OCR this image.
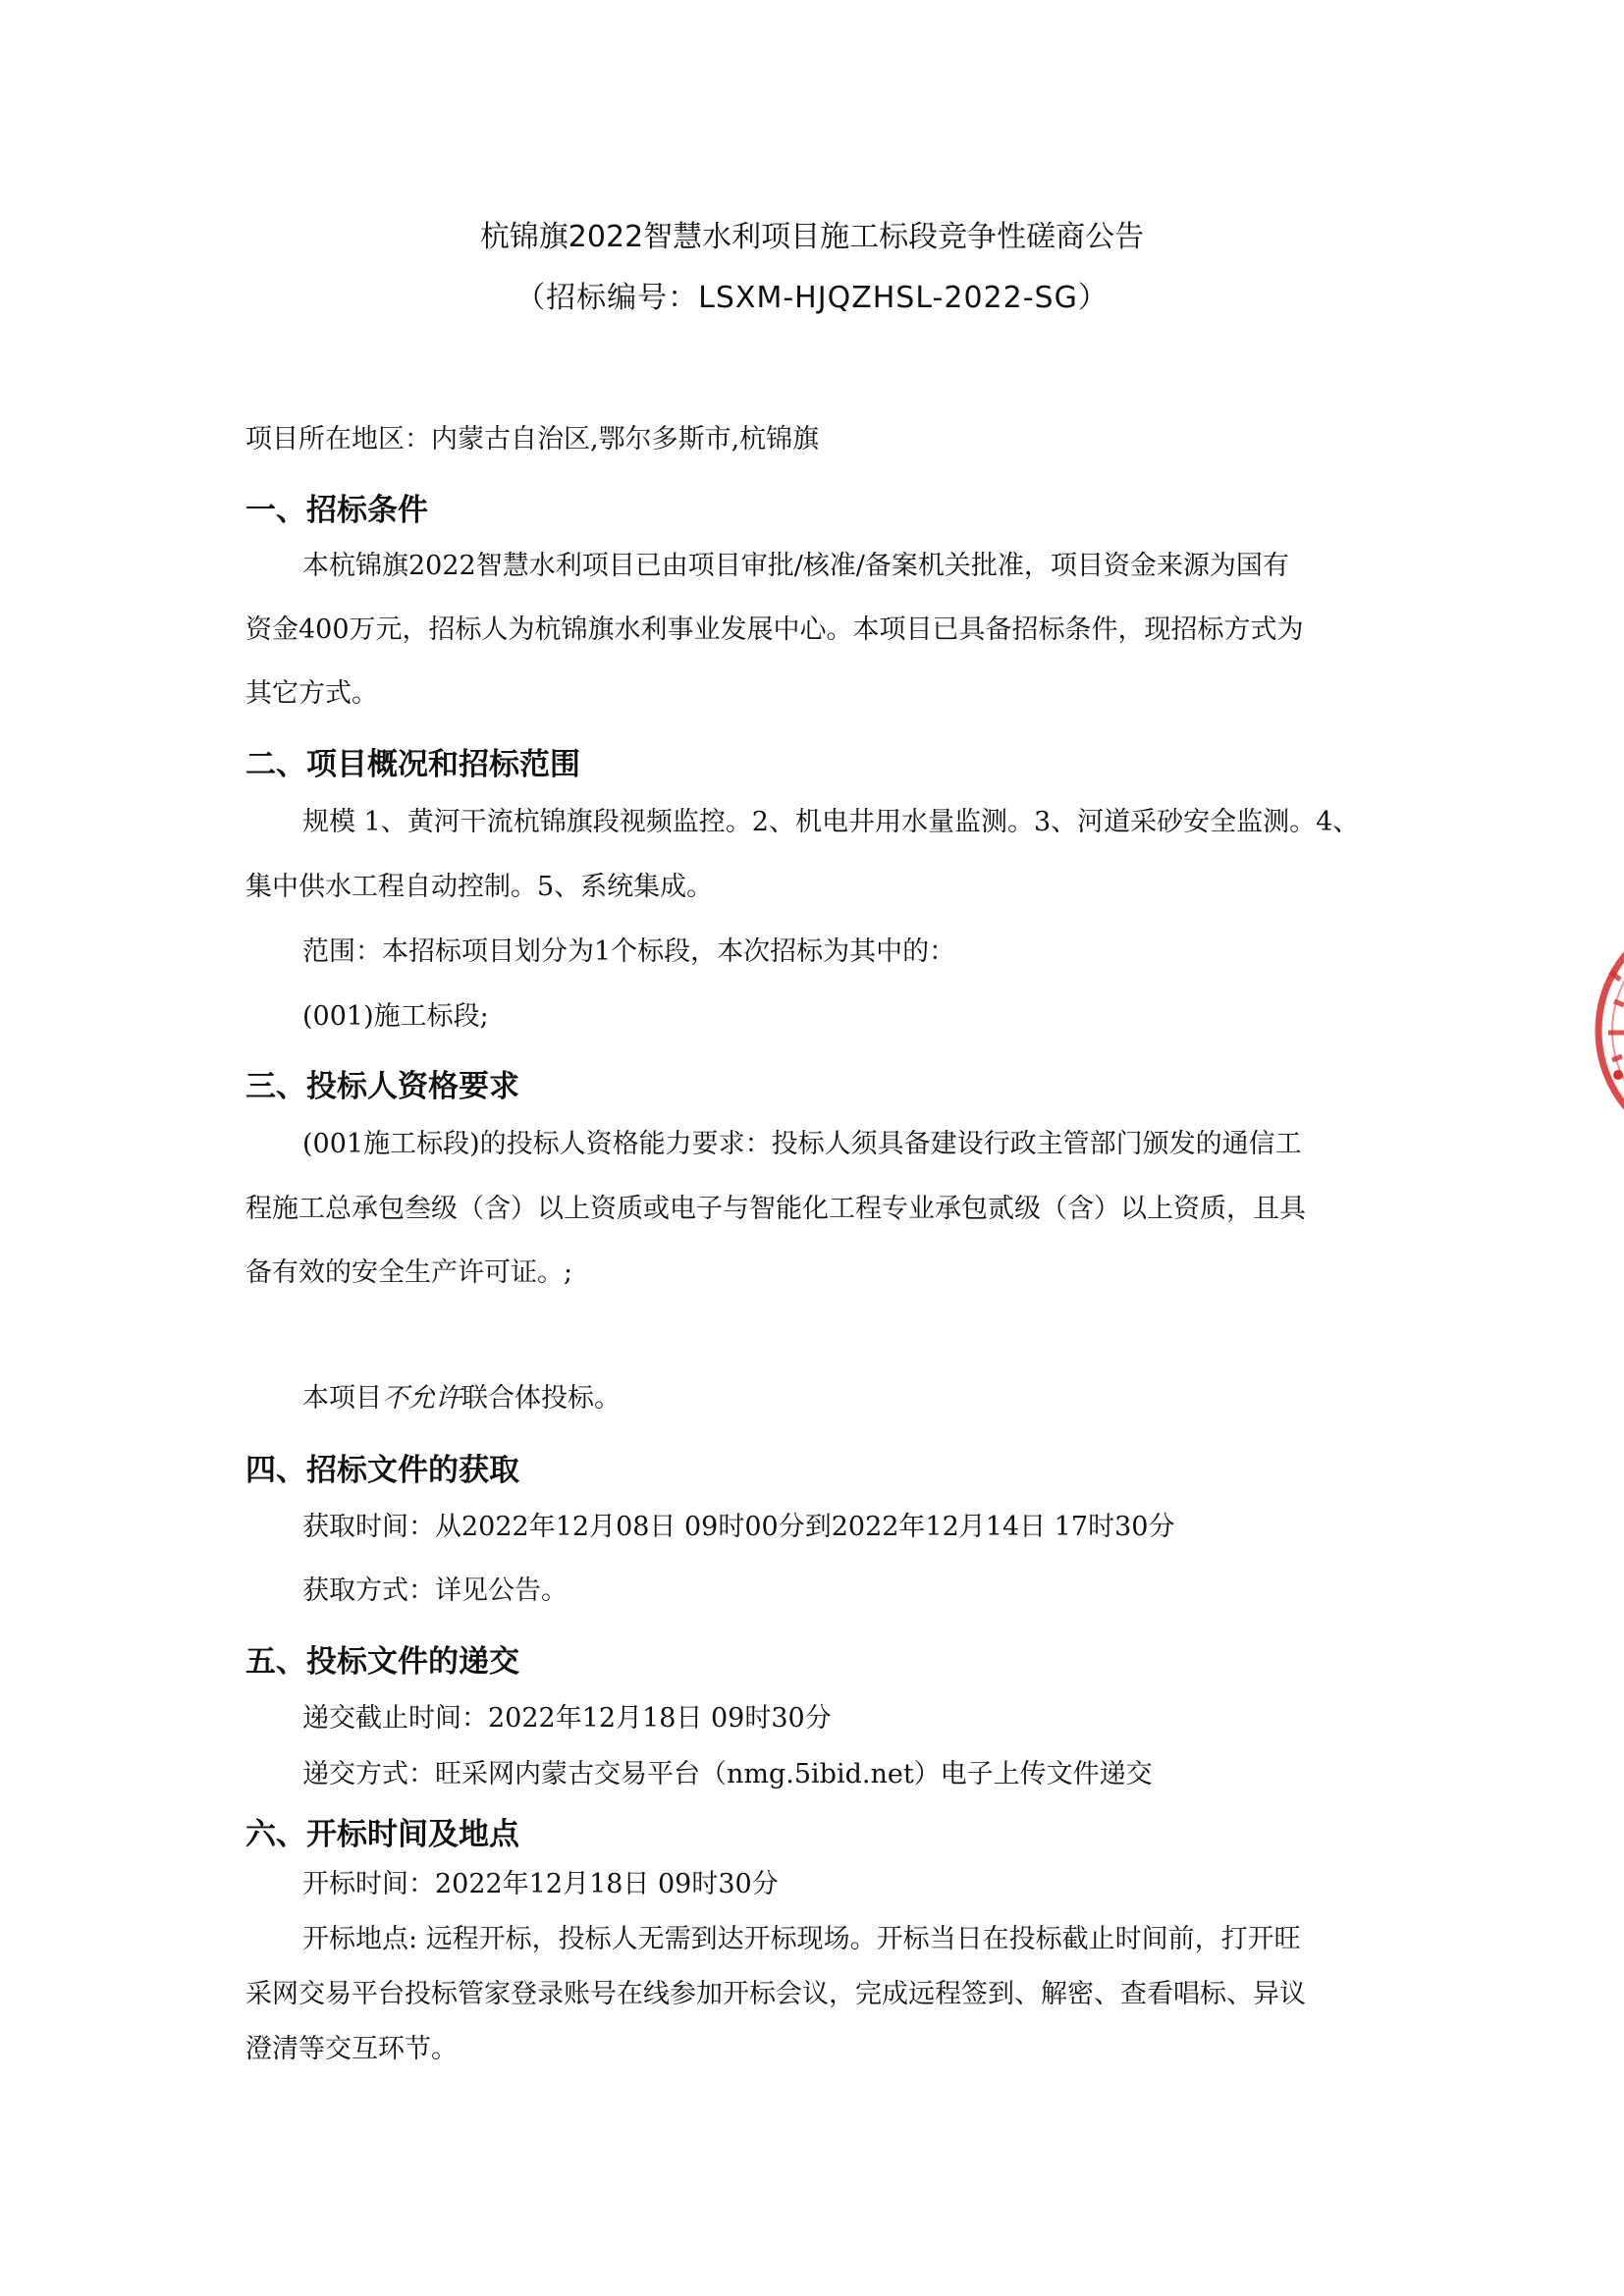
杭锦旗2022智慧水利项目施工标段竞争性磋商公告
（招标编号：LSXM-HJQZHSL-2022-SG）
项目所在地区：内蒙古自治区,鄂尔多斯市,杭锦旗
一、招标条件
本杭锦旗2022智慧水利项目已由项目审批/核准/备案机关批准，项目资金来源为国有
资金400万元，招标人为杭锦旗水利事业发展中心。本项目已具备招标条件，现招标方式为
其它方式。
二、项目概况和招标范围
规模 1、黄河干流杭锦旗段视频监控。2、机电井用水量监测。3、河道采砂安全监测。4、
集中供水工程自动控制。5、系统集成。
范围：本招标项目划分为1个标段，本次招标为其中的：
(001)施工标段;
三、投标人资格要求
(001施工标段)的投标人资格能力要求：投标人须具备建设行政主管部门颁发的通信工
程施工总承包叁级（含）以上资质或电子与智能化工程专业承包贰级（含）以上资质，且具
备有效的安全生产许可证。;
本项目不允许联合体投标。
四、招标文件的获取
获取时间：从2022年12月08日 09时00分到2022年12月14日 17时30分
获取方式：详见公告。
五、投标文件的递交
递交截止时间：2022年12月18日 09时30分
递交方式：旺采网内蒙古交易平台（nmg.5ibid.net）电子上传文件递交
六、开标时间及地点
开标时间：2022年12月18日 09时30分
开标地点: 远程开标，投标人无需到达开标现场。开标当日在投标截止时间前，打开旺
采网交易平台投标管家登录账号在线参加开标会议，完成远程签到、解密、查看唱标、异议
澄清等交互环节。
